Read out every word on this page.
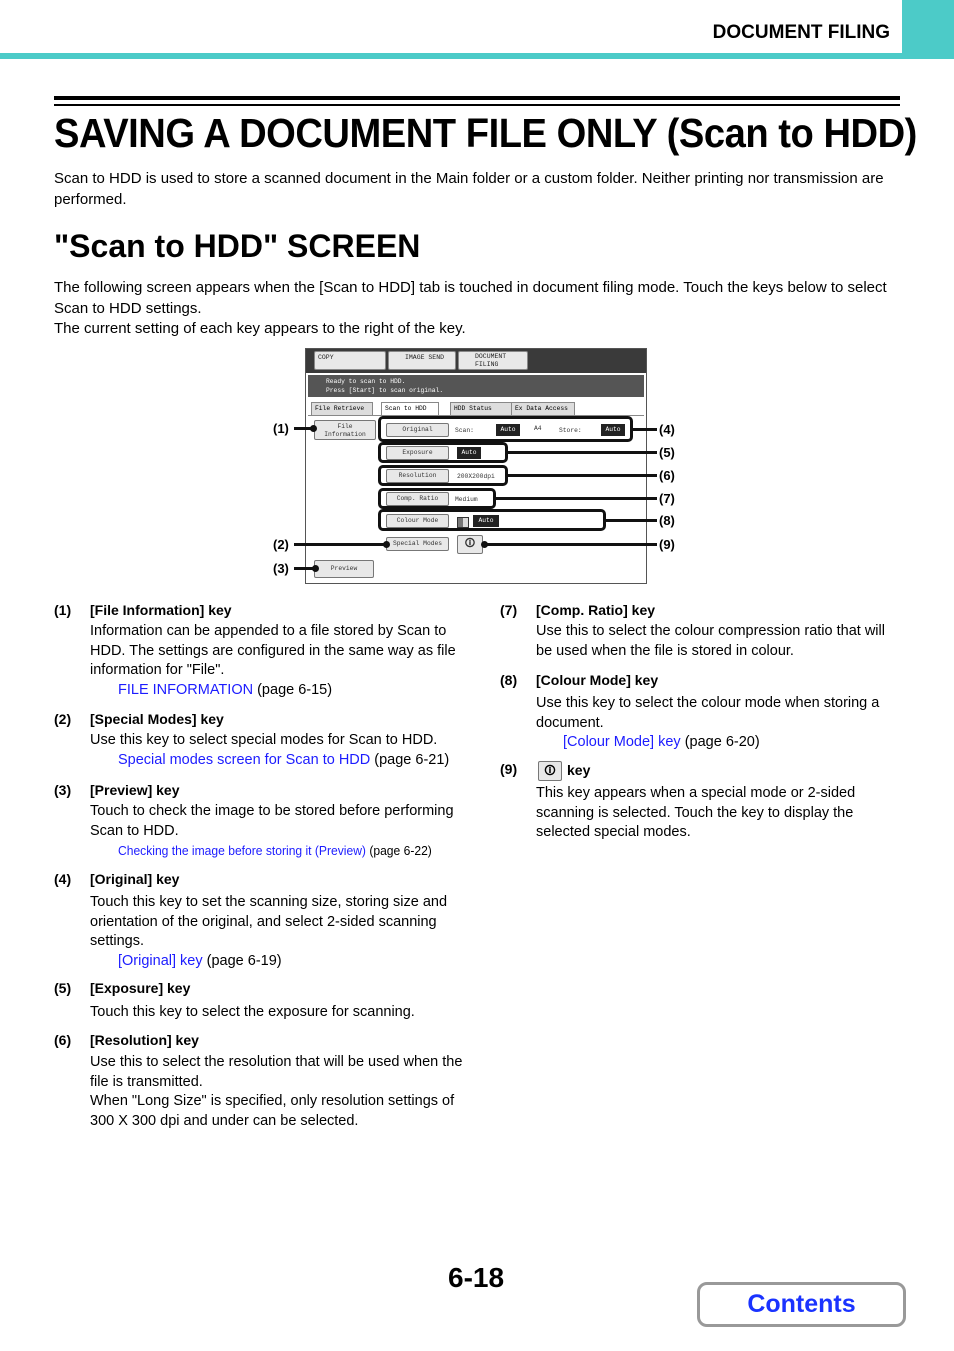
DOCUMENT FILING
SAVING A DOCUMENT FILE ONLY (Scan to HDD)
Scan to HDD is used to store a scanned document in the Main folder or a custom folder. Neither printing nor transmission are performed.
"Scan to HDD" SCREEN
The following screen appears when the [Scan to HDD] tab is touched in document filing mode. Touch the keys below to select Scan to HDD settings.
The current setting of each key appears to the right of the key.
COPY	IMAGE SEND	DOCUMENT
FILING
Ready to scan to HDD.
Press [Start] to scan original.
File Retrieve	Scan to HDD	HDD Status	Ex Data Access
File
Information
Original	Scan:	Auto	A4	Store:	Auto
Exposure	Auto
Resolution	200X200dpi
Comp. Ratio	Medium
Colour Mode	Auto
Special Modes	🛈
Preview
(1)
(2)
(3)
(4)
(5)
(6)
(7)
(8)
(9)
(1) [File Information] key
Information can be appended to a file stored by Scan to HDD. The settings are configured in the same way as file information for "File".
FILE INFORMATION (page 6-15)
(2) [Special Modes] key
Use this key to select special modes for Scan to HDD.
Special modes screen for Scan to HDD (page 6-21)
(3) [Preview] key
Touch to check the image to be stored before performing Scan to HDD.
Checking the image before storing it (Preview) (page 6-22)
(4) [Original] key
Touch this key to set the scanning size, storing size and orientation of the original, and select 2-sided scanning settings.
[Original] key (page 6-19)
(5) [Exposure] key
Touch this key to select the exposure for scanning.
(6) [Resolution] key
Use this to select the resolution that will be used when the file is transmitted.
When "Long Size" is specified, only resolution settings of 300 X 300 dpi and under can be selected.
(7) [Comp. Ratio] key
Use this to select the colour compression ratio that will be used when the file is stored in colour.
(8) [Colour Mode] key
Use this key to select the colour mode when storing a document.
[Colour Mode] key (page 6-20)
(9)	🛈 key
This key appears when a special mode or 2-sided scanning is selected. Touch the key to display the selected special modes.
6-18
Contents
